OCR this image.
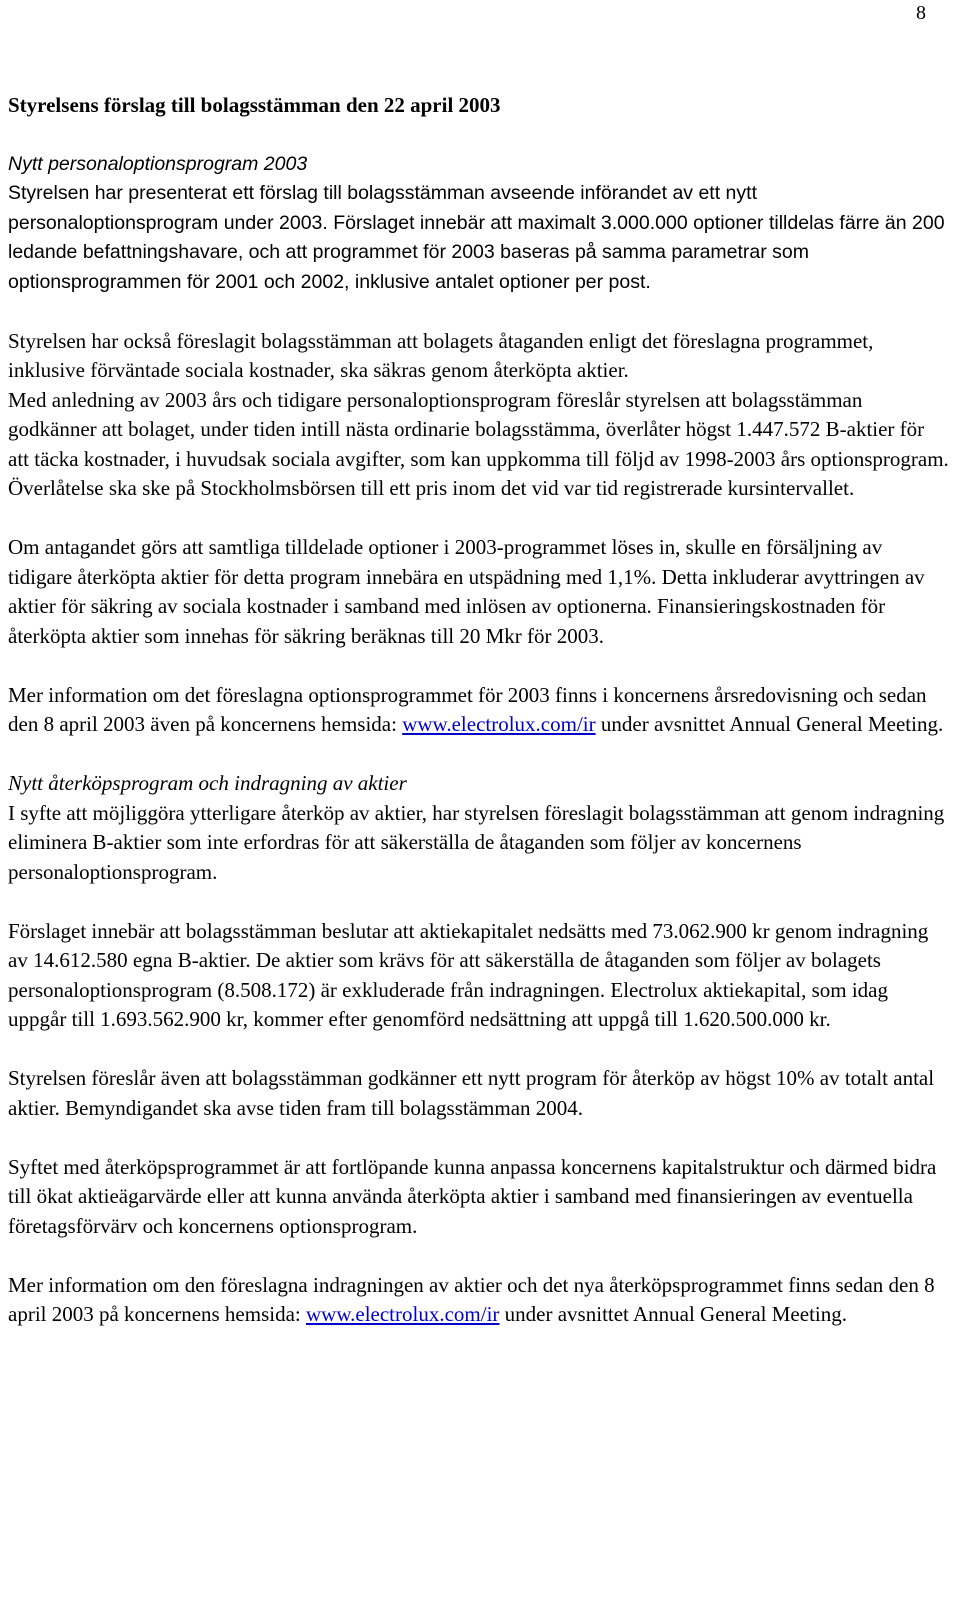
8
Styrelsens förslag till bolagsstämman den 22 april 2003
Nytt personaloptionsprogram 2003

Styrelsen har presenterat ett förslag till bolagsstämman avseende införandet av ett nytt personaloptionsprogram under 2003. Förslaget innebär att maximalt 3.000.000 optioner tilldelas färre än 200 ledande befattningshavare, och att programmet för 2003 baseras på samma parametrar som optionsprogrammen för 2001 och 2002, inklusive antalet optioner per post.

Styrelsen har också föreslagit bolagsstämman att bolagets åtaganden enligt det föreslagna programmet, inklusive förväntade sociala kostnader, ska säkras genom återköpta aktier.

Med anledning av 2003 års och tidigare personaloptionsprogram föreslår styrelsen att bolagsstämman godkänner att bolaget, under tiden intill nästa ordinarie bolagsstämma, överlåter högst 1.447.572 B-aktier för att täcka kostnader, i huvudsak sociala avgifter, som kan uppkomma till följd av 1998-2003 års optionsprogram. Överlåtelse ska ske på Stockholmsbörsen till ett pris inom det vid var tid registrerade kursintervallet.

Om antagandet görs att samtliga tilldelade optioner i 2003-programmet löses in, skulle en försäljning av tidigare återköpta aktier för detta program innebära en utspädning med 1,1%. Detta inkluderar avyttringen av aktier för säkring av sociala kostnader i samband med inlösen av optionerna. Finansieringskostnaden för återköpta aktier som innehas för säkring beräknas till 20 Mkr för 2003.

Mer information om det föreslagna optionsprogrammet för 2003 finns i koncernens årsredovisning och sedan den 8 april 2003 även på koncernens hemsida: www.electrolux.com/ir under avsnittet Annual General Meeting.

Nytt återköpsprogram och indragning av aktier

I syfte att möjliggöra ytterligare återköp av aktier, har styrelsen föreslagit bolagsstämman att genom indragning eliminera B-aktier som inte erfordras för att säkerställa de åtaganden som följer av koncernens personaloptionsprogram.

Förslaget innebär att bolagsstämman beslutar att aktiekapitalet nedsätts med 73.062.900 kr genom indragning av 14.612.580 egna B-aktier. De aktier som krävs för att säkerställa de åtaganden som följer av bolagets personaloptionsprogram (8.508.172) är exkluderade från indragningen. Electrolux aktiekapital, som idag uppgår till 1.693.562.900 kr, kommer efter genomförd nedsättning att uppgå till 1.620.500.000 kr.

Styrelsen föreslår även att bolagsstämman godkänner ett nytt program för återköp av högst 10% av totalt antal aktier. Bemyndigandet ska avse tiden fram till bolagsstämman 2004.

Syftet med återköpsprogrammet är att fortlöpande kunna anpassa koncernens kapitalstruktur och därmed bidra till ökat aktieägarvärde eller att kunna använda återköpta aktier i samband med finansieringen av eventuella företagsförvärv och koncernens optionsprogram.

Mer information om den föreslagna indragningen av aktier och det nya återköpsprogrammet finns sedan den 8 april 2003 på koncernens hemsida: www.electrolux.com/ir under avsnittet Annual General Meeting.
